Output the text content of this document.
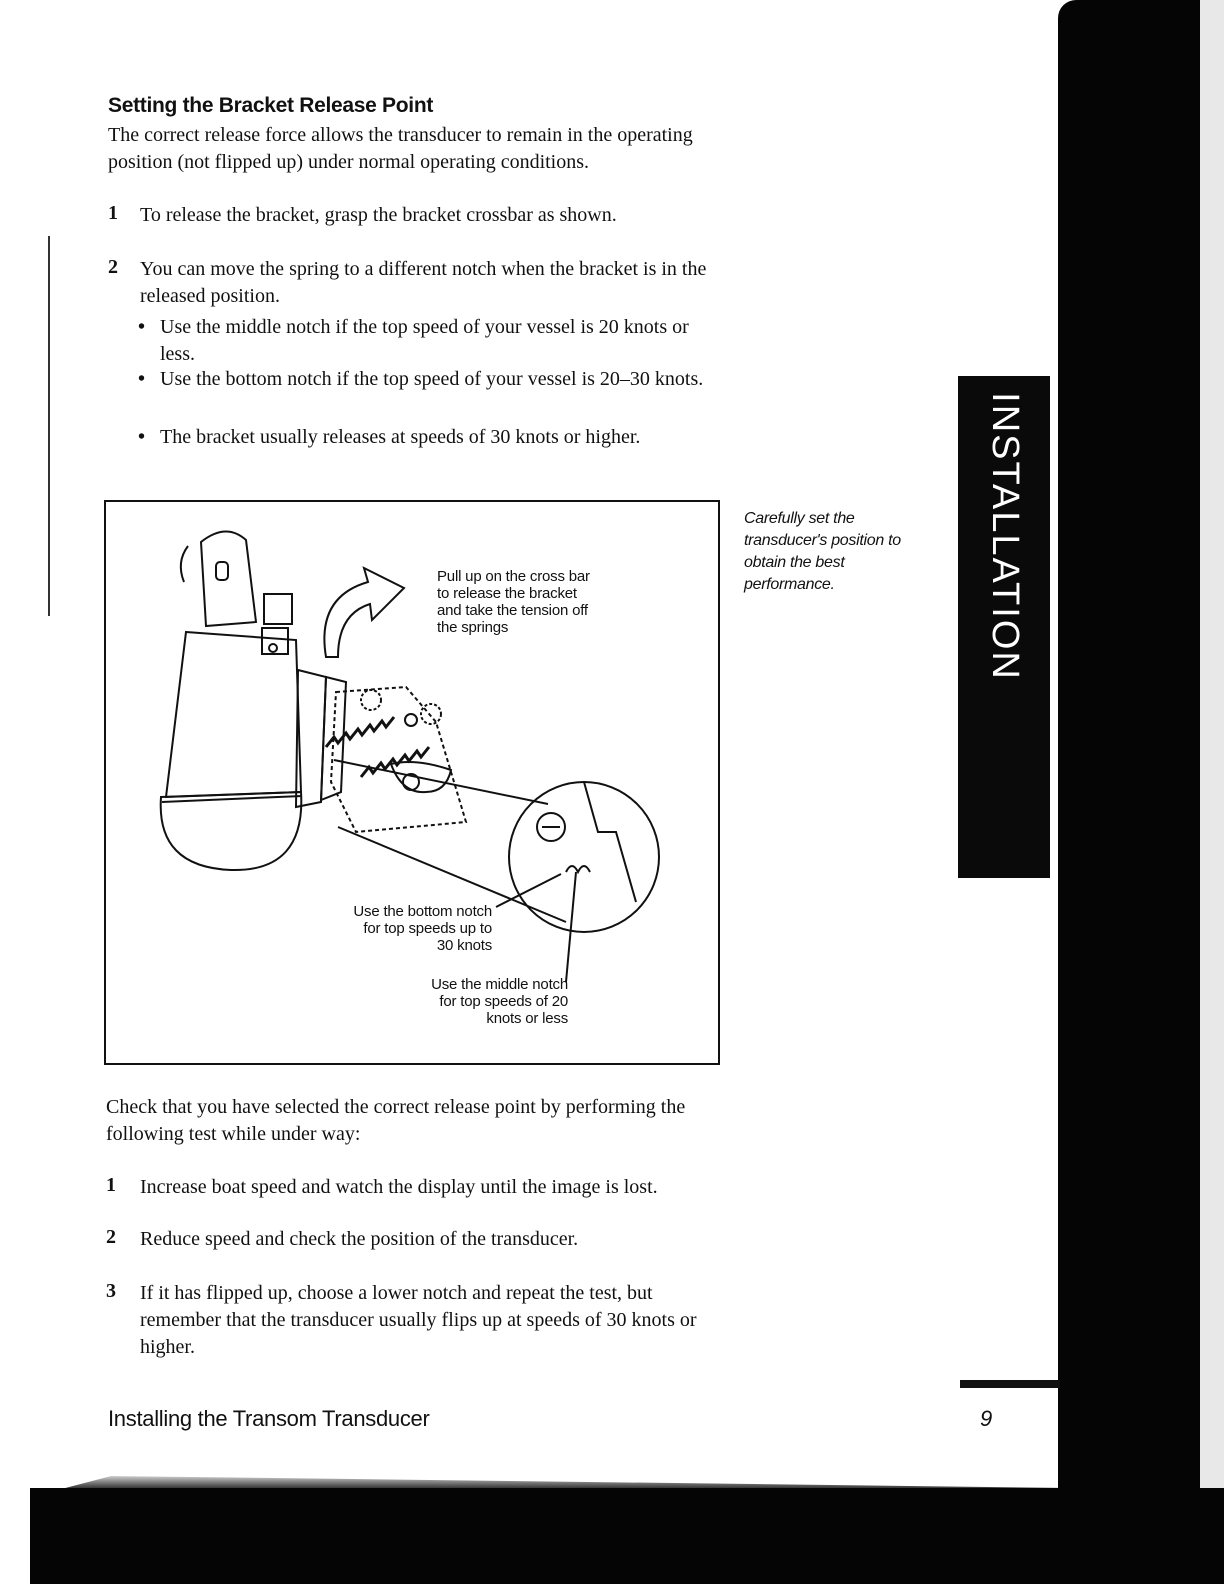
INSTALLATION
Setting the Bracket Release Point
The correct release force allows the transducer to remain in the operating position (not flipped up) under normal operating conditions.
1 To release the bracket, grasp the bracket crossbar as shown.
2 You can move the spring to a different notch when the bracket is in the released position.
• Use the middle notch if the top speed of your vessel is 20 knots or less.
• Use the bottom notch if the top speed of your vessel is 20–30 knots.
• The bracket usually releases at speeds of 30 knots or higher.
Pull up on the cross bar
to release the bracket
and take the tension off
the springs
Use the bottom notch
for top speeds up to
30 knots
Use the middle notch
for top speeds of 20
knots or less
Carefully set the transducer's position to obtain the best performance.
Check that you have selected the correct release point by performing the following test while under way:
1 Increase boat speed and watch the display until the image is lost.
2 Reduce speed and check the position of the transducer.
3 If it has flipped up, choose a lower notch and repeat the test, but remember that the transducer usually flips up at speeds of 30 knots or higher.
Installing the Transom Transducer	9
